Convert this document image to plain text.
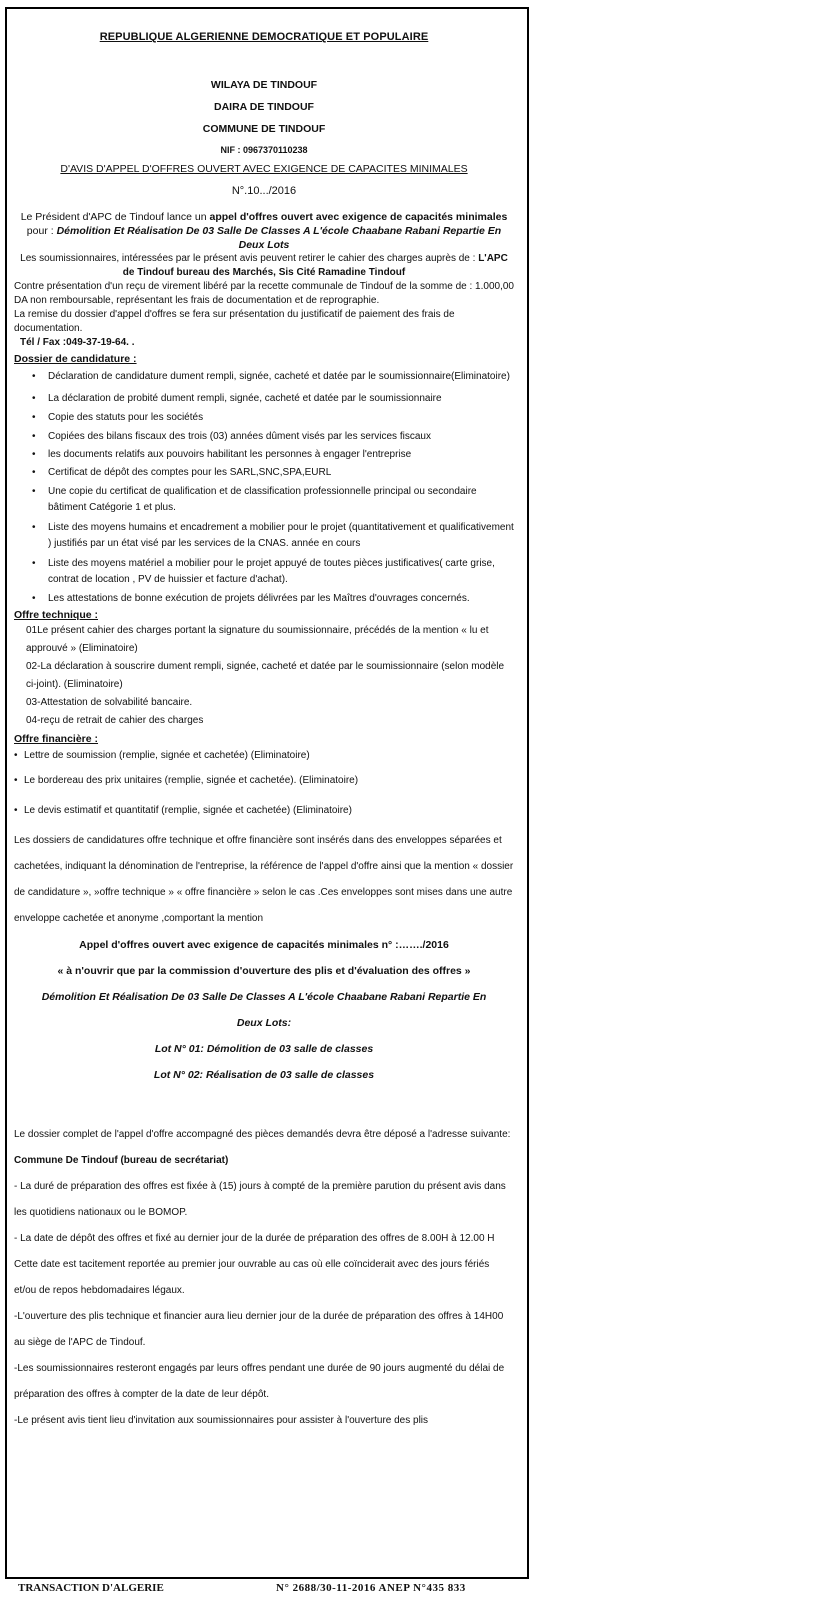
REPUBLIQUE ALGERIENNE DEMOCRATIQUE ET POPULAIRE

WILAYA DE TINDOUF

DAIRA DE TINDOUF

COMMUNE DE TINDOUF

NIF : 0967370110238

D'AVIS D'APPEL D'OFFRES OUVERT AVEC EXIGENCE DE CAPACITES MINIMALES

N°.10.../2016

Le Président d'APC de Tindouf lance un appel d'offres ouvert avec exigence de capacités minimales pour : Démolition Et Réalisation De 03 Salle De Classes A L'école Chaabane Rabani Repartie En Deux Lots

Les soumissionnaires, intéressées par le présent avis peuvent retirer le cahier des charges auprès de : L'APC de Tindouf bureau des Marchés, Sis Cité Ramadine Tindouf

Contre présentation d'un reçu de virement libéré par la recette communale de Tindouf de la somme de : 1.000,00 DA non remboursable, représentant les frais de documentation et de reprographie.

La remise du dossier d'appel d'offres se fera sur présentation du justificatif de paiement des frais de documentation.

Tél / Fax :049-37-19-64. .

Dossier de candidature :

• Déclaration de candidature dument rempli, signée, cacheté et datée par le soumissionnaire(Eliminatoire)
• La déclaration de probité dument rempli, signée, cacheté et datée par le soumissionnaire
• Copie des statuts pour les sociétés
• Copiées des bilans fiscaux des trois (03) années dûment visés par les services fiscaux
• les documents relatifs aux pouvoirs habilitant les personnes à engager l'entreprise
• Certificat de dépôt des comptes pour les SARL,SNC,SPA,EURL
• Une copie du certificat de qualification et de classification professionnelle principal ou secondaire bâtiment Catégorie 1 et plus.
• Liste des moyens humains et encadrement a mobilier pour le projet (quantitativement et qualificativement ) justifiés par un état visé par les services de la CNAS. année en cours
• Liste des moyens matériel a mobilier pour le projet appuyé de toutes pièces justificatives( carte grise, contrat de location , PV de huissier et facture d'achat).
• Les attestations de bonne exécution de projets délivrées par les Maîtres d'ouvrages concernés.

Offre technique :

01Le présent cahier des charges portant la signature du soumissionnaire, précédés de la mention « lu et approuvé » (Eliminatoire)

02-La déclaration à souscrire dument rempli, signée, cacheté et datée par le soumissionnaire (selon modèle ci-joint). (Eliminatoire)

03-Attestation de solvabilité bancaire.

04-reçu de retrait de cahier des charges

Offre financière :

• Lettre de soumission (remplie, signée et cachetée) (Eliminatoire)
• Le bordereau des prix unitaires (remplie, signée et cachetée). (Eliminatoire)
• Le devis estimatif et quantitatif (remplie, signée et cachetée) (Eliminatoire)

Les dossiers de candidatures offre technique et offre financière sont insérés dans des enveloppes séparées et cachetées, indiquant la dénomination de l'entreprise, la référence de l'appel d'offre ainsi que la mention « dossier de candidature », »offre technique » « offre financière » selon le cas .Ces enveloppes sont mises dans une autre enveloppe cachetée et anonyme ,comportant la mention

Appel d'offres ouvert avec exigence de capacités minimales n° :……./2016

« à n'ouvrir que par la commission d'ouverture des plis et d'évaluation des offres »

Démolition Et Réalisation De 03 Salle De Classes A L'école Chaabane Rabani Repartie En Deux Lots:

Lot N° 01: Démolition de 03 salle de classes

Lot N° 02: Réalisation de 03 salle de classes

Le dossier complet de l'appel d'offre accompagné des pièces demandés devra être déposé a l'adresse suivante: Commune De Tindouf (bureau de secrétariat)

- La duré de préparation des offres est fixée à (15) jours à compté de la première parution du présent avis dans les quotidiens nationaux ou le BOMOP.

- La date de dépôt des offres et fixé au dernier jour de la durée de préparation des offres de 8.00H à 12.00 H Cette date est tacitement reportée au premier jour ouvrable au cas où elle coïnciderait avec des jours fériés et/ou de repos hebdomadaires légaux.

-L'ouverture des plis technique et financier aura lieu dernier jour de la durée de préparation des offres à 14H00 au siège de l'APC de Tindouf.

-Les soumissionnaires resteront engagés par leurs offres pendant une durée de 90 jours augmenté du délai de préparation des offres à compter de la date de leur dépôt.

-Le présent avis tient lieu d'invitation aux soumissionnaires pour assister à l'ouverture des plis

TRANSACTION D'ALGERIE	N° 2688/30-11-2016 ANEP N°435 833
